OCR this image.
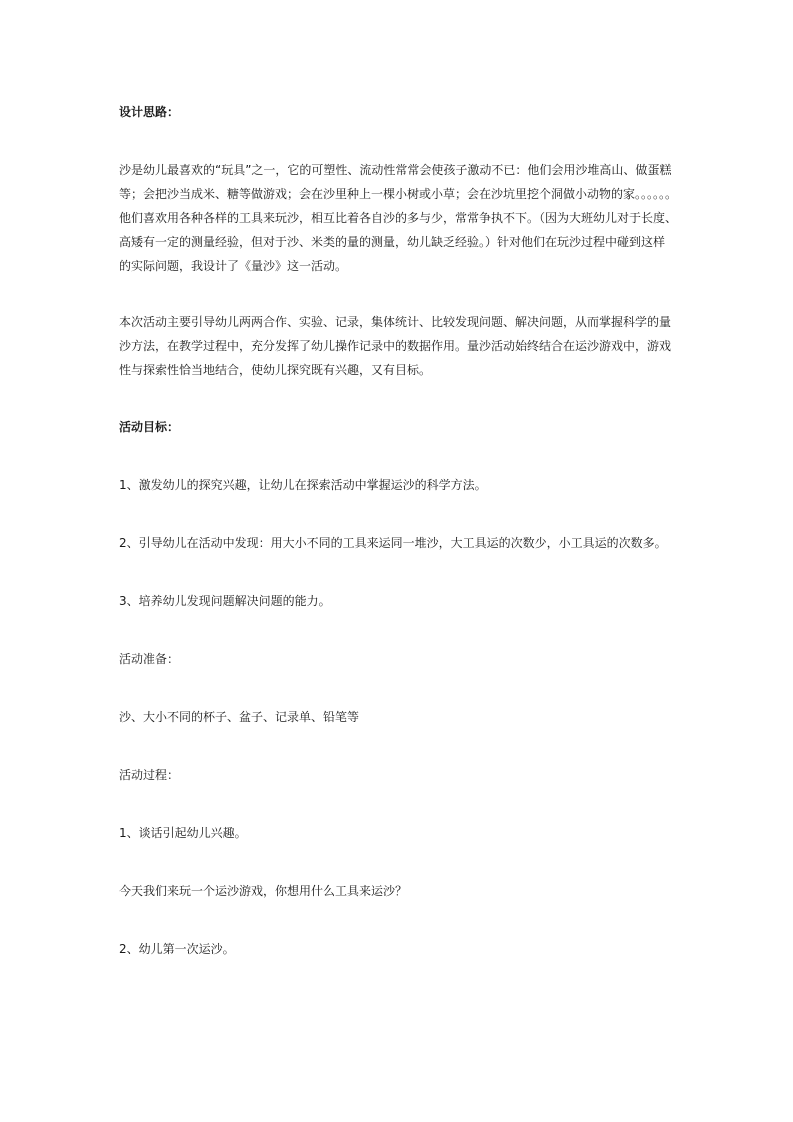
设计思路：
沙是幼儿最喜欢的“玩具”之一，它的可塑性、流动性常常会使孩子激动不已：他们会用沙堆高山、做蛋糕
等；会把沙当成米、糖等做游戏；会在沙里种上一棵小树或小草；会在沙坑里挖个洞做小动物的家。。。。。。
他们喜欢用各种各样的工具来玩沙，相互比着各自沙的多与少，常常争执不下。（因为大班幼儿对于长度、
高矮有一定的测量经验，但对于沙、米类的量的测量，幼儿缺乏经验。）针对他们在玩沙过程中碰到这样
的实际问题，我设计了《量沙》这一活动。
本次活动主要引导幼儿两两合作、实验、记录，集体统计、比较发现问题、解决问题，从而掌握科学的量
沙方法，在教学过程中，充分发挥了幼儿操作记录中的数据作用。量沙活动始终结合在运沙游戏中，游戏
性与探索性恰当地结合，使幼儿探究既有兴趣，又有目标。
活动目标：
1、激发幼儿的探究兴趣，让幼儿在探索活动中掌握运沙的科学方法。
2、引导幼儿在活动中发现：用大小不同的工具来运同一堆沙，大工具运的次数少，小工具运的次数多。
3、培养幼儿发现问题解决问题的能力。
活动准备：
沙、大小不同的杯子、盆子、记录单、铅笔等
活动过程：
1、谈话引起幼儿兴趣。
今天我们来玩一个运沙游戏，你想用什么工具来运沙？
2、幼儿第一次运沙。
